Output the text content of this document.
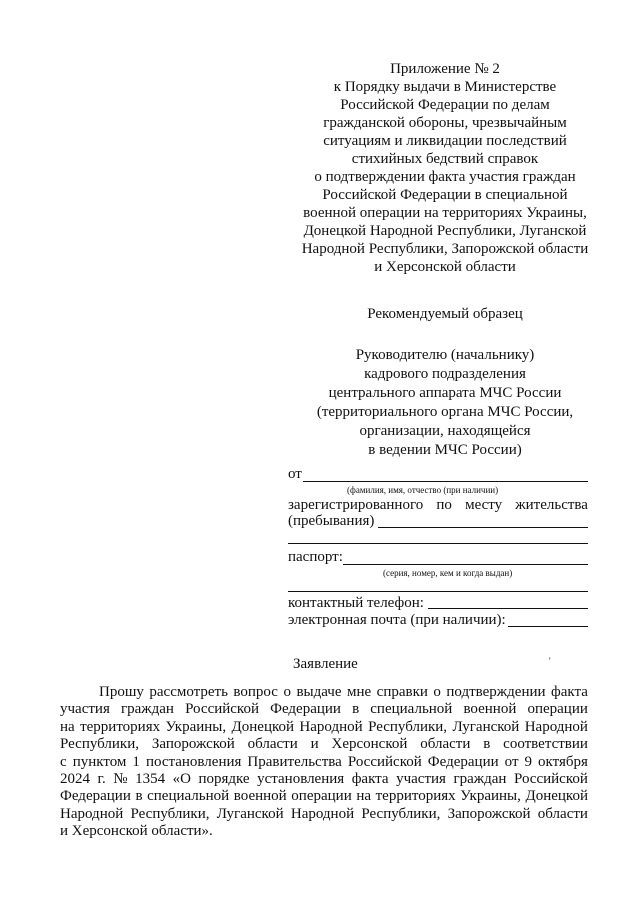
Приложение № 2
к Порядку выдачи в Министерстве
Российской Федерации по делам
гражданской обороны, чрезвычайным
ситуациям и ликвидации последствий
стихийных бедствий справок
о подтверждении факта участия граждан
Российской Федерации в специальной
военной операции на территориях Украины,
Донецкой Народной Республики, Луганской
Народной Республики, Запорожской области
и Херсонской области
Рекомендуемый образец
Руководителю (начальнику)
кадрового подразделения
центрального аппарата МЧС России
(территориального органа МЧС России,
организации, находящейся
в ведении МЧС России)
от
(фамилия, имя, отчество (при наличии)
зарегистрированного по месту жительства
(пребывания)
паспорт:
(серия, номер, кем и когда выдан)
контактный телефон:
электронная почта (при наличии):
Заявление	'
Прошу рассмотреть вопрос о выдаче мне справки о подтверждении факта
участия граждан Российской Федерации в специальной военной операции
на территориях Украины, Донецкой Народной Республики, Луганской Народной
Республики, Запорожской области и Херсонской области в соответствии
с пунктом 1 постановления Правительства Российской Федерации от 9 октября
2024 г. № 1354 «О порядке установления факта участия граждан Российской
Федерации в специальной военной операции на территориях Украины, Донецкой
Народной Республики, Луганской Народной Республики, Запорожской области
и Херсонской области».
